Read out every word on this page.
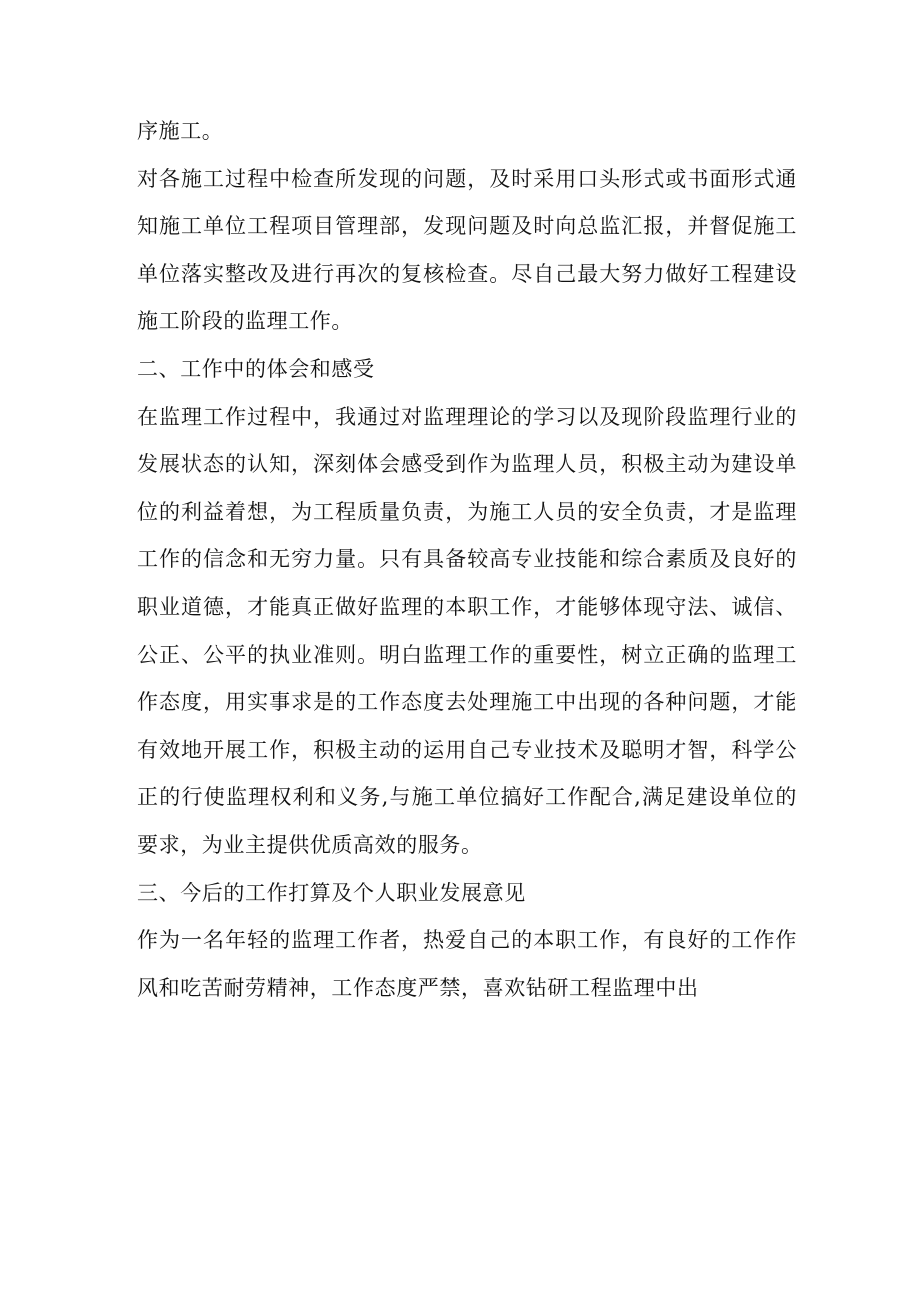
序施工。
对各施工过程中检查所发现的问题，及时采用口头形式或书面形式通
知施工单位工程项目管理部，发现问题及时向总监汇报，并督促施工
单位落实整改及进行再次的复核检查。尽自己最大努力做好工程建设
施工阶段的监理工作。
二、工作中的体会和感受
在监理工作过程中，我通过对监理理论的学习以及现阶段监理行业的
发展状态的认知，深刻体会感受到作为监理人员，积极主动为建设单
位的利益着想，为工程质量负责，为施工人员的安全负责，才是监理
工作的信念和无穷力量。只有具备较高专业技能和综合素质及良好的
职业道德，才能真正做好监理的本职工作，才能够体现守法、诚信、
公正、公平的执业准则。明白监理工作的重要性，树立正确的监理工
作态度，用实事求是的工作态度去处理施工中出现的各种问题，才能
有效地开展工作，积极主动的运用自己专业技术及聪明才智，科学公
正的行使监理权利和义务,与施工单位搞好工作配合,满足建设单位的
要求，为业主提供优质高效的服务。
三、今后的工作打算及个人职业发展意见
作为一名年轻的监理工作者，热爱自己的本职工作，有良好的工作作
风和吃苦耐劳精神，工作态度严禁，喜欢钻研工程监理中出
